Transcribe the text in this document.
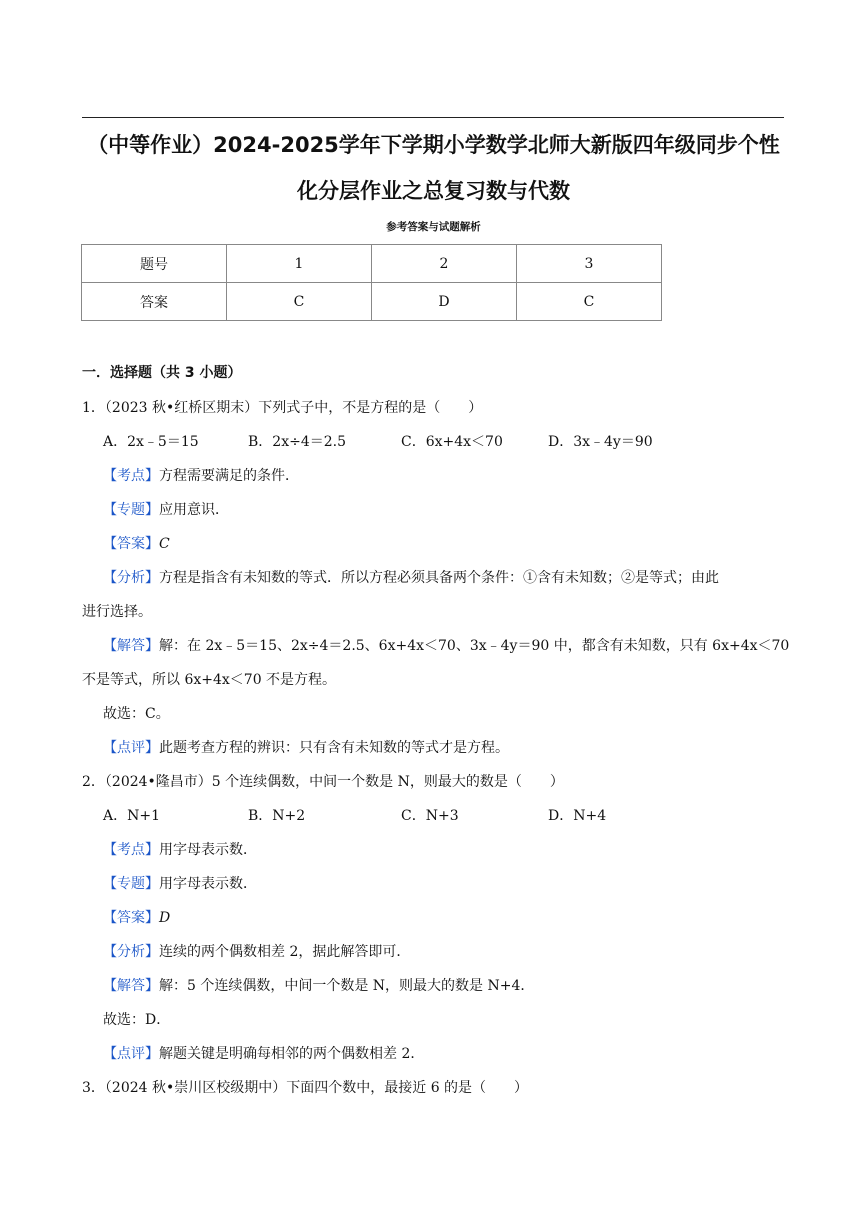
（中等作业）2024-2025学年下学期小学数学北师大新版四年级同步个性
化分层作业之总复习数与代数
参考答案与试题解析
题号	1	2	3
答案	C	D	C
一．选择题（共 3 小题）
1．（2023 秋•红桥区期末）下列式子中，不是方程的是（　　）
A．2x﹣5＝15	B．2x÷4＝2.5	C．6x+4x＜70	D．3x﹣4y＝90
【考点】方程需要满足的条件．
【专题】应用意识．
【答案】C
【分析】方程是指含有未知数的等式．所以方程必须具备两个条件：①含有未知数；②是等式；由此
进行选择。
【解答】解：在 2x﹣5＝15、2x÷4＝2.5、6x+4x＜70、3x﹣4y＝90 中，都含有未知数，只有 6x+4x＜70
不是等式，所以 6x+4x＜70 不是方程。
故选：C。
【点评】此题考查方程的辨识：只有含有未知数的等式才是方程。
2．（2024•隆昌市）5 个连续偶数，中间一个数是 N，则最大的数是（　　）
A．N+1	B．N+2	C．N+3	D．N+4
【考点】用字母表示数．
【专题】用字母表示数．
【答案】D
【分析】连续的两个偶数相差 2，据此解答即可．
【解答】解：5 个连续偶数，中间一个数是 N，则最大的数是 N+4．
故选：D．
【点评】解题关键是明确每相邻的两个偶数相差 2．
3．（2024 秋•崇川区校级期中）下面四个数中，最接近 6 的是（　　）
